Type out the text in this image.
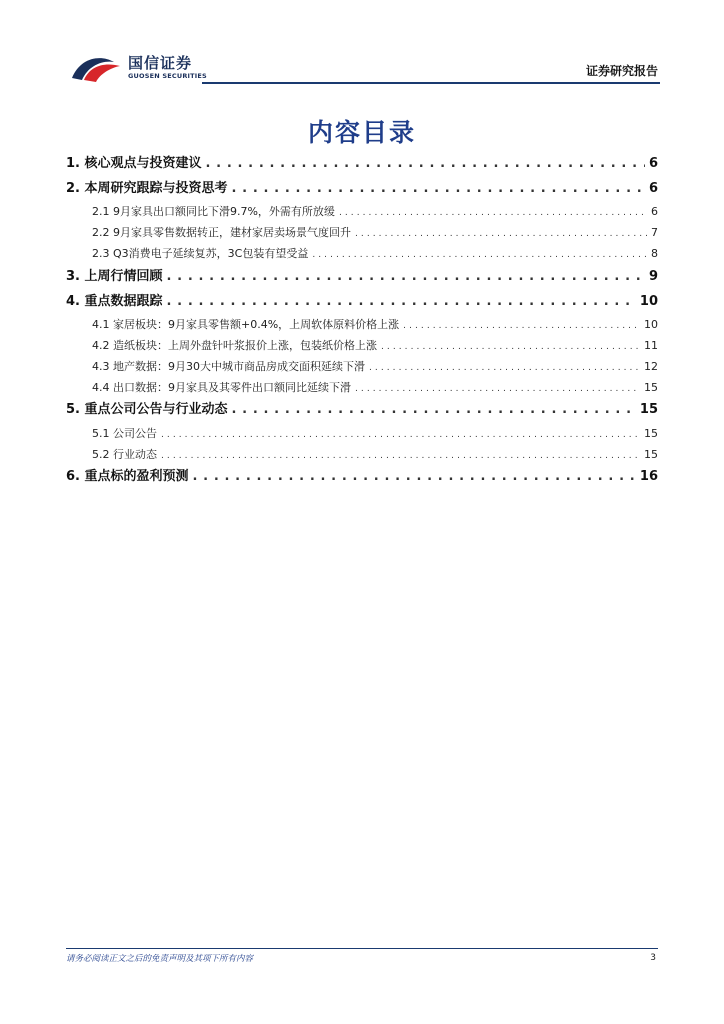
国信证券
GUOSEN SECURITIES	证券研究报告
内容目录
1. 核心观点与投资建议 . . .	6
2. 本周研究跟踪与投资思考 . . .	6
2.1 9月家具出口额同比下滑9.7%，外需有所放缓 . . .	6
2.2 9月家具零售数据转正，建材家居卖场景气度回升 . . .	7
2.3 Q3消费电子延续复苏，3C包装有望受益 . . .	8
3. 上周行情回顾 . . .	9
4. 重点数据跟踪 . . .	10
4.1 家居板块：9月家具零售额+0.4%，上周软体原料价格上涨 . . .	10
4.2 造纸板块：上周外盘针叶浆报价上涨，包装纸价格上涨 . . .	11
4.3 地产数据：9月30大中城市商品房成交面积延续下滑 . . .	12
4.4 出口数据：9月家具及其零件出口额同比延续下滑 . . .	15
5. 重点公司公告与行业动态 . . .	15
5.1 公司公告 . . .	15
5.2 行业动态 . . .	15
6. 重点标的盈利预测 . . .	16
请务必阅读正文之后的免责声明及其项下所有内容	3
